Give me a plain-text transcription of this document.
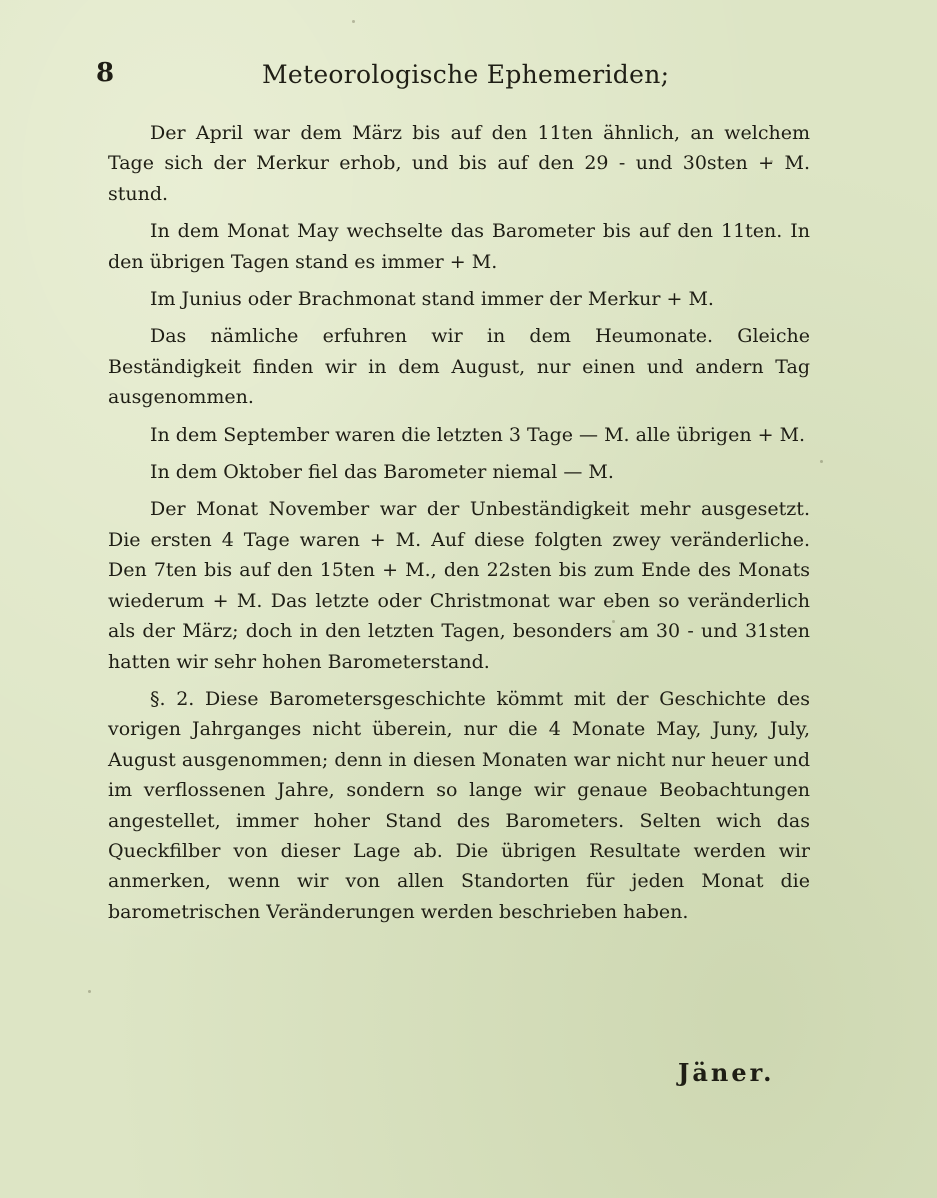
8	Meteorologische Ephemeriden;

Der April war dem März bis auf den 11ten ähnlich, an welchem Tage sich der Merkur erhob, und bis auf den 29 - und 30sten + M. stund.

In dem Monat May wechselte das Barometer bis auf den 11ten. In den übrigen Tagen stand es immer + M.

Im Junius oder Brachmonat stand immer der Merkur + M.

Das nämliche erfuhren wir in dem Heumonate. Gleiche Beständigkeit finden wir in dem August, nur einen und andern Tag ausgenommen.

In dem September waren die letzten 3 Tage — M. alle übrigen + M.

In dem Oktober fiel das Barometer niemal — M.

Der Monat November war der Unbeständigkeit mehr ausgesetzt. Die ersten 4 Tage waren + M. Auf diese folgten zwey veränderliche. Den 7ten bis auf den 15ten + M., den 22sten bis zum Ende des Monats wiederum + M. Das letzte oder Christmonat war eben so veränderlich als der März; doch in den letzten Tagen, besonders am 30 - und 31sten hatten wir sehr hohen Barometerstand.

§. 2. Diese Barometersgeschichte kömmt mit der Geschichte des vorigen Jahrganges nicht überein, nur die 4 Monate May, Juny, July, August ausgenommen; denn in diesen Monaten war nicht nur heuer und im verflossenen Jahre, sondern so lange wir genaue Beobachtungen angestellet, immer hoher Stand des Barometers. Selten wich das Queckfilber von dieser Lage ab. Die übrigen Resultate werden wir anmerken, wenn wir von allen Standorten für jeden Monat die barometrischen Veränderungen werden beschrieben haben.

Jäner.
